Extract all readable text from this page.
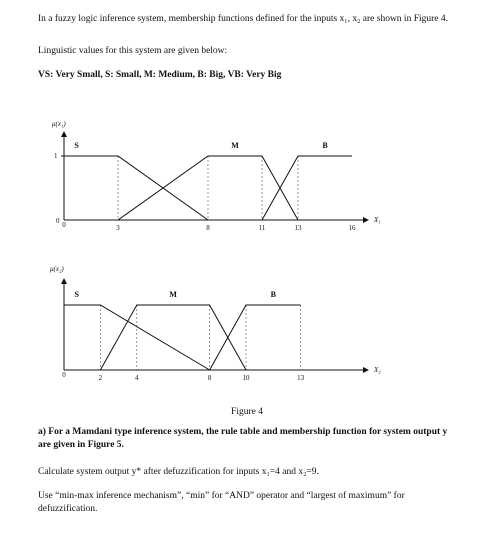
In a fuzzy logic inference system, membership functions defined for the inputs x₁, x₂ are shown in Figure 4.
Linguistic values for this system are given below:
VS: Very Small, S: Small, M: Medium, B: Big, VB: Very Big
μ(x₁)
X₁
1
0
S	M	B
0	3	8	11	13	16
μ(x₂)
X₂
S	M	B
0	2	4	8	10	13
Figure 4
a) For a Mamdani type inference system, the rule table and membership function for system output y are given in Figure 5.
Calculate system output y* after defuzzification for inputs x₁=4 and x₂=9.
Use “min-max inference mechanism”, “min” for “AND” operator and “largest of maximum” for defuzzification.
